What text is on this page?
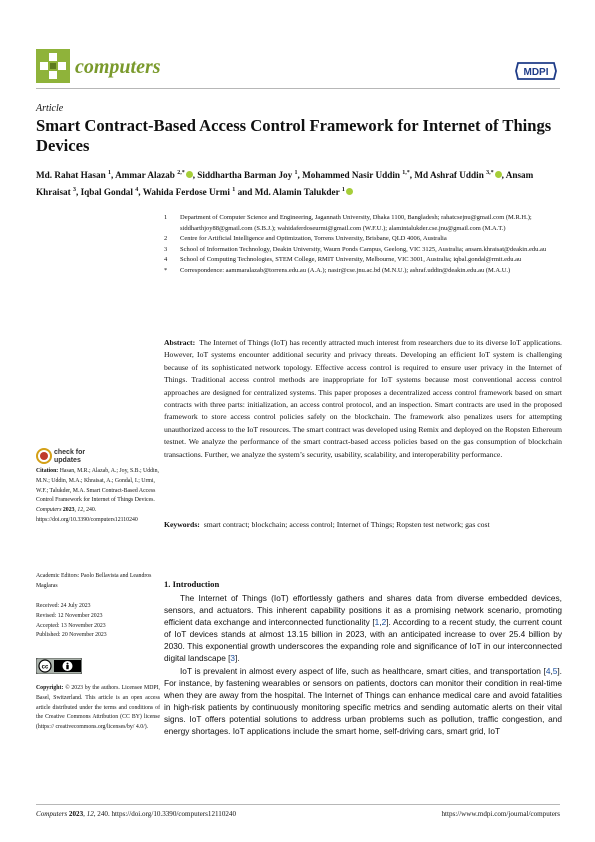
computers	MDPI
Article
Smart Contract-Based Access Control Framework for Internet of Things Devices

Md. Rahat Hasan $^1$, Ammar Alazab $^{2,*}$ , Siddhartha Barman Joy $^1$, Mohammed Nasir Uddin $^{1,*}$, Md Ashraf Uddin $^{3,*}$ , Ansam Khraisat $^3$, Iqbal Gondal $^4$, Wahida Ferdose Urmi $^1$ and Md. Alamin Talukder $^1$

1 Department of Computer Science and Engineering, Jagannath University, Dhaka 1100, Bangladesh; rahatcsejnu@gmail.com (M.R.H.); siddharthjoy88@gmail.com (S.B.J.); wahidaferdoseurmi@gmail.com (W.F.U.); alamintalukder.cse.jnu@gmail.com (M.A.T.)
2 Centre for Artificial Intelligence and Optimization, Torrens University, Brisbane, QLD 4006, Australia
3 School of Information Technology, Deakin University, Waurn Ponds Campus, Geelong, VIC 3125, Australia; ansam.khraisat@deakin.edu.au
4 School of Computing Technologies, STEM College, RMIT University, Melbourne, VIC 3001, Australia; iqbal.gondal@rmit.edu.au
* Correspondence: aammaralazab@torrens.edu.au (A.A.); nasir@cse.jnu.ac.bd (M.N.U.); ashraf.uddin@deakin.edu.au (M.A.U.)

Abstract: The Internet of Things (IoT) has recently attracted much interest from researchers due to its diverse IoT applications. However, IoT systems encounter additional security and privacy threats. Developing an efficient IoT system is challenging because of its sophisticated network topology. Effective access control is required to ensure user privacy in the Internet of Things. Traditional access control methods are inappropriate for IoT systems because most conventional access control approaches are designed for centralized systems. This paper proposes a decentralized access control framework based on smart contracts with three parts: initialization, an access control protocol, and an inspection. Smart contracts are used in the proposed framework to store access control policies safely on the blockchain. The framework also penalizes users for attempting unauthorized access to the IoT resources. The smart contract was developed using Remix and deployed on the Ropsten Ethereum testnet. We analyze the performance of the smart contract-based access policies based on the gas consumption of blockchain transactions. Further, we analyze the system’s security, usability, scalability, and interoperability performance.

Keywords: smart contract; blockchain; access control; Internet of Things; Ropsten test network; gas cost

check for
updates

Citation: Hasan, M.R.; Alazab, A.; Joy, S.B.; Uddin, M.N.; Uddin, M.A.; Khraisat, A.; Gondal, I.; Urmi, W.F.; Talukder, M.A. Smart Contract-Based Access Control Framework for Internet of Things Devices. Computers 2023, 12, 240. https://doi.org/10.3390/computers12110240

Academic Editors: Paolo Bellavista and Leandros Maglaras

Received: 24 July 2023
Revised: 12 November 2023
Accepted: 13 November 2023
Published: 20 November 2023
cc

Copyright: © 2023 by the authors. Licensee MDPI, Basel, Switzerland. This article is an open access article distributed under the terms and conditions of the Creative Commons Attribution (CC BY) license (https:// creativecommons.org/licenses/by/ 4.0/).

1. Introduction

The Internet of Things (IoT) effortlessly gathers and shares data from diverse embedded devices, sensors, and actuators. This inherent capability positions it as a promising network scenario, promoting efficient data exchange and interconnected functionality [1,2]. According to a recent study, the current count of IoT devices stands at almost 13.15 billion in 2023, with an anticipated increase to over 25.4 billion by 2030. This exponential growth underscores the expanding role and significance of IoT in our interconnected digital landscape [3].

IoT is prevalent in almost every aspect of life, such as healthcare, smart cities, and transportation [4,5]. For instance, by fastening wearables or sensors on patients, doctors can monitor their condition in real-time when they are away from the hospital. The Internet of Things can enhance medical care and avoid fatalities in high-risk patients by continuously monitoring specific metrics and sending automatic alerts on their vital signs. IoT offers potential solutions to address urban problems such as pollution, traffic congestion, and energy shortages. IoT applications include the smart home, self-driving cars, smart grid, IoT

Computers 2023, 12, 240. https://doi.org/10.3390/computers12110240	https://www.mdpi.com/journal/computers
